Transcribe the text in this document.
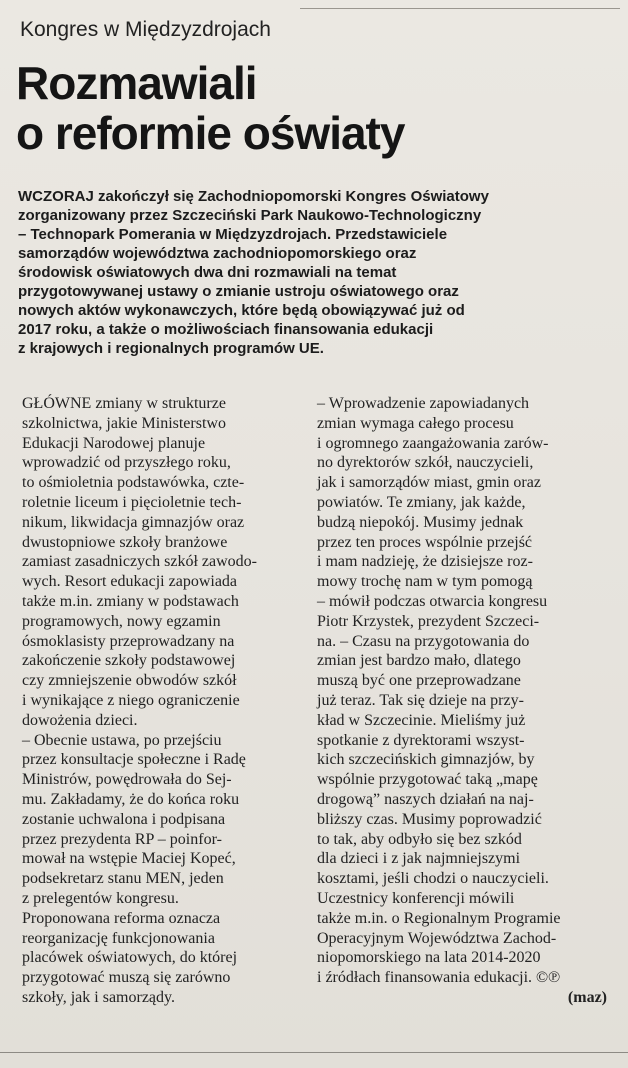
Kongres w Międzyzdrojach
Rozmawiali
o reformie oświaty
WCZORAJ zakończył się Zachodniopomorski Kongres Oświatowy
zorganizowany przez Szczeciński Park Naukowo-Technologiczny
– Technopark Pomerania w Międzyzdrojach. Przedstawiciele
samorządów województwa zachodniopomorskiego oraz
środowisk oświatowych dwa dni rozmawiali na temat
przygotowywanej ustawy o zmianie ustroju oświatowego oraz
nowych aktów wykonawczych, które będą obowiązywać już od
2017 roku, a także o możliwościach finansowania edukacji
z krajowych i regionalnych programów UE.
GŁÓWNE zmiany w strukturze
szkolnictwa, jakie Ministerstwo
Edukacji Narodowej planuje
wprowadzić od przyszłego roku,
to ośmioletnia podstawówka, czte-
roletnie liceum i pięcioletnie tech-
nikum, likwidacja gimnazjów oraz
dwustopniowe szkoły branżowe
zamiast zasadniczych szkół zawodo-
wych. Resort edukacji zapowiada
także m.in. zmiany w podstawach
programowych, nowy egzamin
ósmoklasisty przeprowadzany na
zakończenie szkoły podstawowej
czy zmniejszenie obwodów szkół
i wynikające z niego ograniczenie
dowożenia dzieci.
– Obecnie ustawa, po przejściu
przez konsultacje społeczne i Radę
Ministrów, powędrowała do Sej-
mu. Zakładamy, że do końca roku
zostanie uchwalona i podpisana
przez prezydenta RP – poinfor-
mował na wstępie Maciej Kopeć,
podsekretarz stanu MEN, jeden
z prelegentów kongresu.
Proponowana reforma oznacza
reorganizację funkcjonowania
placówek oświatowych, do której
przygotować muszą się zarówno
szkoły, jak i samorządy.
– Wprowadzenie zapowiadanych
zmian wymaga całego procesu
i ogromnego zaangażowania zarów-
no dyrektorów szkół, nauczycieli,
jak i samorządów miast, gmin oraz
powiatów. Te zmiany, jak każde,
budzą niepokój. Musimy jednak
przez ten proces wspólnie przejść
i mam nadzieję, że dzisiejsze roz-
mowy trochę nam w tym pomogą
– mówił podczas otwarcia kongresu
Piotr Krzystek, prezydent Szczeci-
na. – Czasu na przygotowania do
zmian jest bardzo mało, dlatego
muszą być one przeprowadzane
już teraz. Tak się dzieje na przy-
kład w Szczecinie. Mieliśmy już
spotkanie z dyrektorami wszyst-
kich szczecińskich gimnazjów, by
wspólnie przygotować taką „mapę
drogową” naszych działań na naj-
bliższy czas. Musimy poprowadzić
to tak, aby odbyło się bez szkód
dla dzieci i z jak najmniejszymi
kosztami, jeśli chodzi o nauczycieli.
Uczestnicy konferencji mówili
także m.in. o Regionalnym Programie
Operacyjnym Województwa Zachod-
niopomorskiego na lata 2014-2020
i źródłach finansowania edukacji. ©℗
(maz)
